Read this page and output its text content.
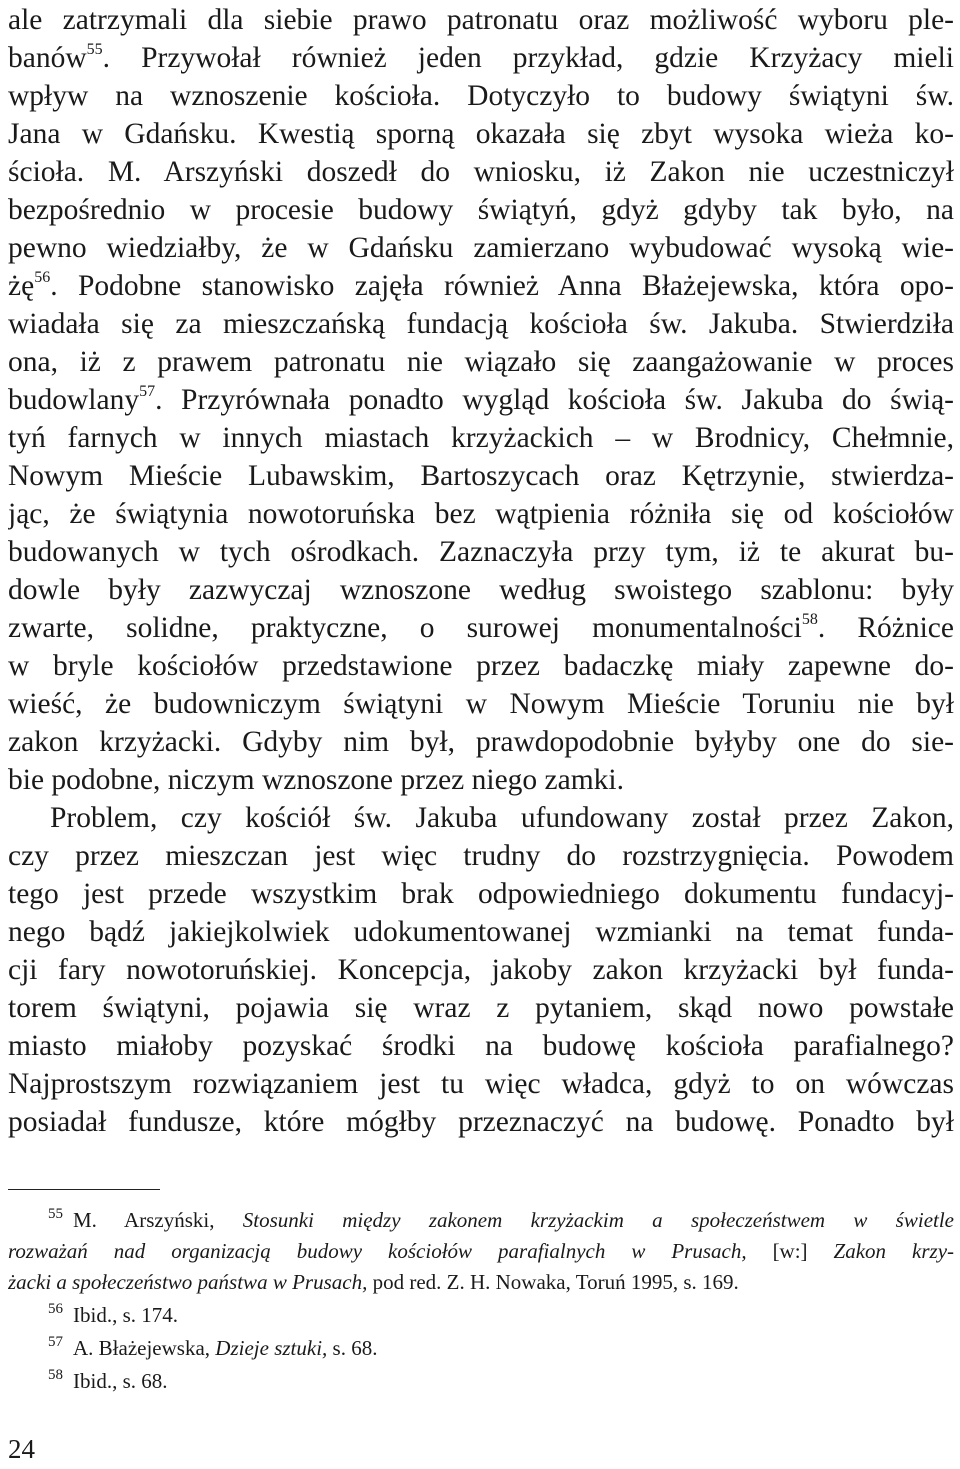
ale zatrzymali dla siebie prawo patronatu oraz możliwość wyboru ple-
banów$^{55}$. Przywołał również jeden przykład, gdzie Krzyżacy mieli
wpływ na wznoszenie kościoła. Dotyczyło to budowy świątyni św.
Jana w Gdańsku. Kwestią sporną okazała się zbyt wysoka wieża ko-
ścioła. M. Arszyński doszedł do wniosku, iż Zakon nie uczestniczył
bezpośrednio w procesie budowy świątyń, gdyż gdyby tak było, na
pewno wiedziałby, że w Gdańsku zamierzano wybudować wysoką wie-
$żę^{56}$. Podobne stanowisko zajęła również Anna Błażejewska, która opo-
wiadała się za mieszczańską fundacją kościoła św. Jakuba. Stwierdziła
ona, iż z prawem patronatu nie wiązało się zaangażowanie w proces
budowlany$^{57}$. Przyrównała ponadto wygląd kościoła św. Jakuba do świą-
tyń farnych w innych miastach krzyżackich – w Brodnicy, Chełmnie,
Nowym Mieście Lubawskim, Bartoszycach oraz Kętrzynie, stwierdza-
jąc, że świątynia nowotoruńska bez wątpienia różniła się od kościołów
budowanych w tych ośrodkach. Zaznaczyła przy tym, iż te akurat bu-
dowle były zazwyczaj wznoszone według swoistego szablonu: były
zwarte, solidne, praktyczne, o surowej monumentalności$^{58}$. Różnice
w bryle kościołów przedstawione przez badaczkę miały zapewne do-
wieść, że budowniczym świątyni w Nowym Mieście Toruniu nie był
zakon krzyżacki. Gdyby nim był, prawdopodobnie byłyby one do sie-
bie podobne, niczym wznoszone przez niego zamki.
Problem, czy kościół św. Jakuba ufundowany został przez Zakon,
czy przez mieszczan jest więc trudny do rozstrzygnięcia. Powodem
tego jest przede wszystkim brak odpowiedniego dokumentu fundacyj-
nego bądź jakiejkolwiek udokumentowanej wzmianki na temat funda-
cji fary nowotoruńskiej. Koncepcja, jakoby zakon krzyżacki był funda-
torem świątyni, pojawia się wraz z pytaniem, skąd nowo powstałe
miasto miałoby pozyskać środki na budowę kościoła parafialnego?
Najprostszym rozwiązaniem jest tu więc władca, gdyż to on wówczas
posiadał fundusze, które mógłby przeznaczyć na budowę. Ponadto był
$^{55}$ M. Arszyński, Stosunki między zakonem krzyżackim a społeczeństwem w świetle
rozważań nad organizacją budowy kościołów parafialnych w Prusach, [w:] Zakon krzy-
żacki a społeczeństwo państwa w Prusach, pod red. Z. H. Nowaka, Toruń 1995, s. 169.
$^{56}$ Ibid., s. 174.
$^{57}$ A. Błażejewska, Dzieje sztuki, s. 68.
$^{58}$ Ibid., s. 68.
24
